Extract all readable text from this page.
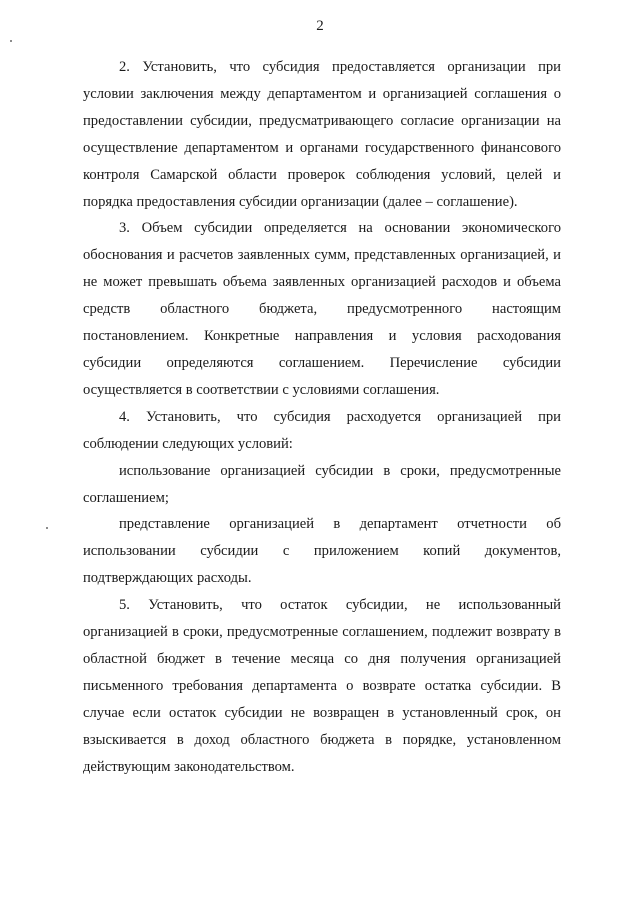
2

2. Установить, что субсидия предоставляется организации при условии заключения между департаментом и организацией соглашения о предоставлении субсидии, предусматривающего согласие организации на осуществление департаментом и органами государственного финансового контроля Самарской области проверок соблюдения условий, целей и порядка предоставления субсидии организации (далее – соглашение).

3. Объем субсидии определяется на основании экономического обоснования и расчетов заявленных сумм, представленных организацией, и не может превышать объема заявленных организацией расходов и объема средств областного бюджета, предусмотренного настоящим постановлением. Конкретные направления и условия расходования субсидии определяются соглашением. Перечисление субсидии осуществляется в соответствии с условиями соглашения.

4. Установить, что субсидия расходуется организацией при соблюдении следующих условий:

использование организацией субсидии в сроки, предусмотренные соглашением;

представление организацией в департамент отчетности об использовании субсидии с приложением копий документов, подтверждающих расходы.

5. Установить, что остаток субсидии, не использованный организацией в сроки, предусмотренные соглашением, подлежит возврату в областной бюджет в течение месяца со дня получения организацией письменного требования департамента о возврате остатка субсидии. В случае если остаток субсидии не возвращен в установленный срок, он взыскивается в доход областного бюджета в порядке, установленном действующим законодательством.
